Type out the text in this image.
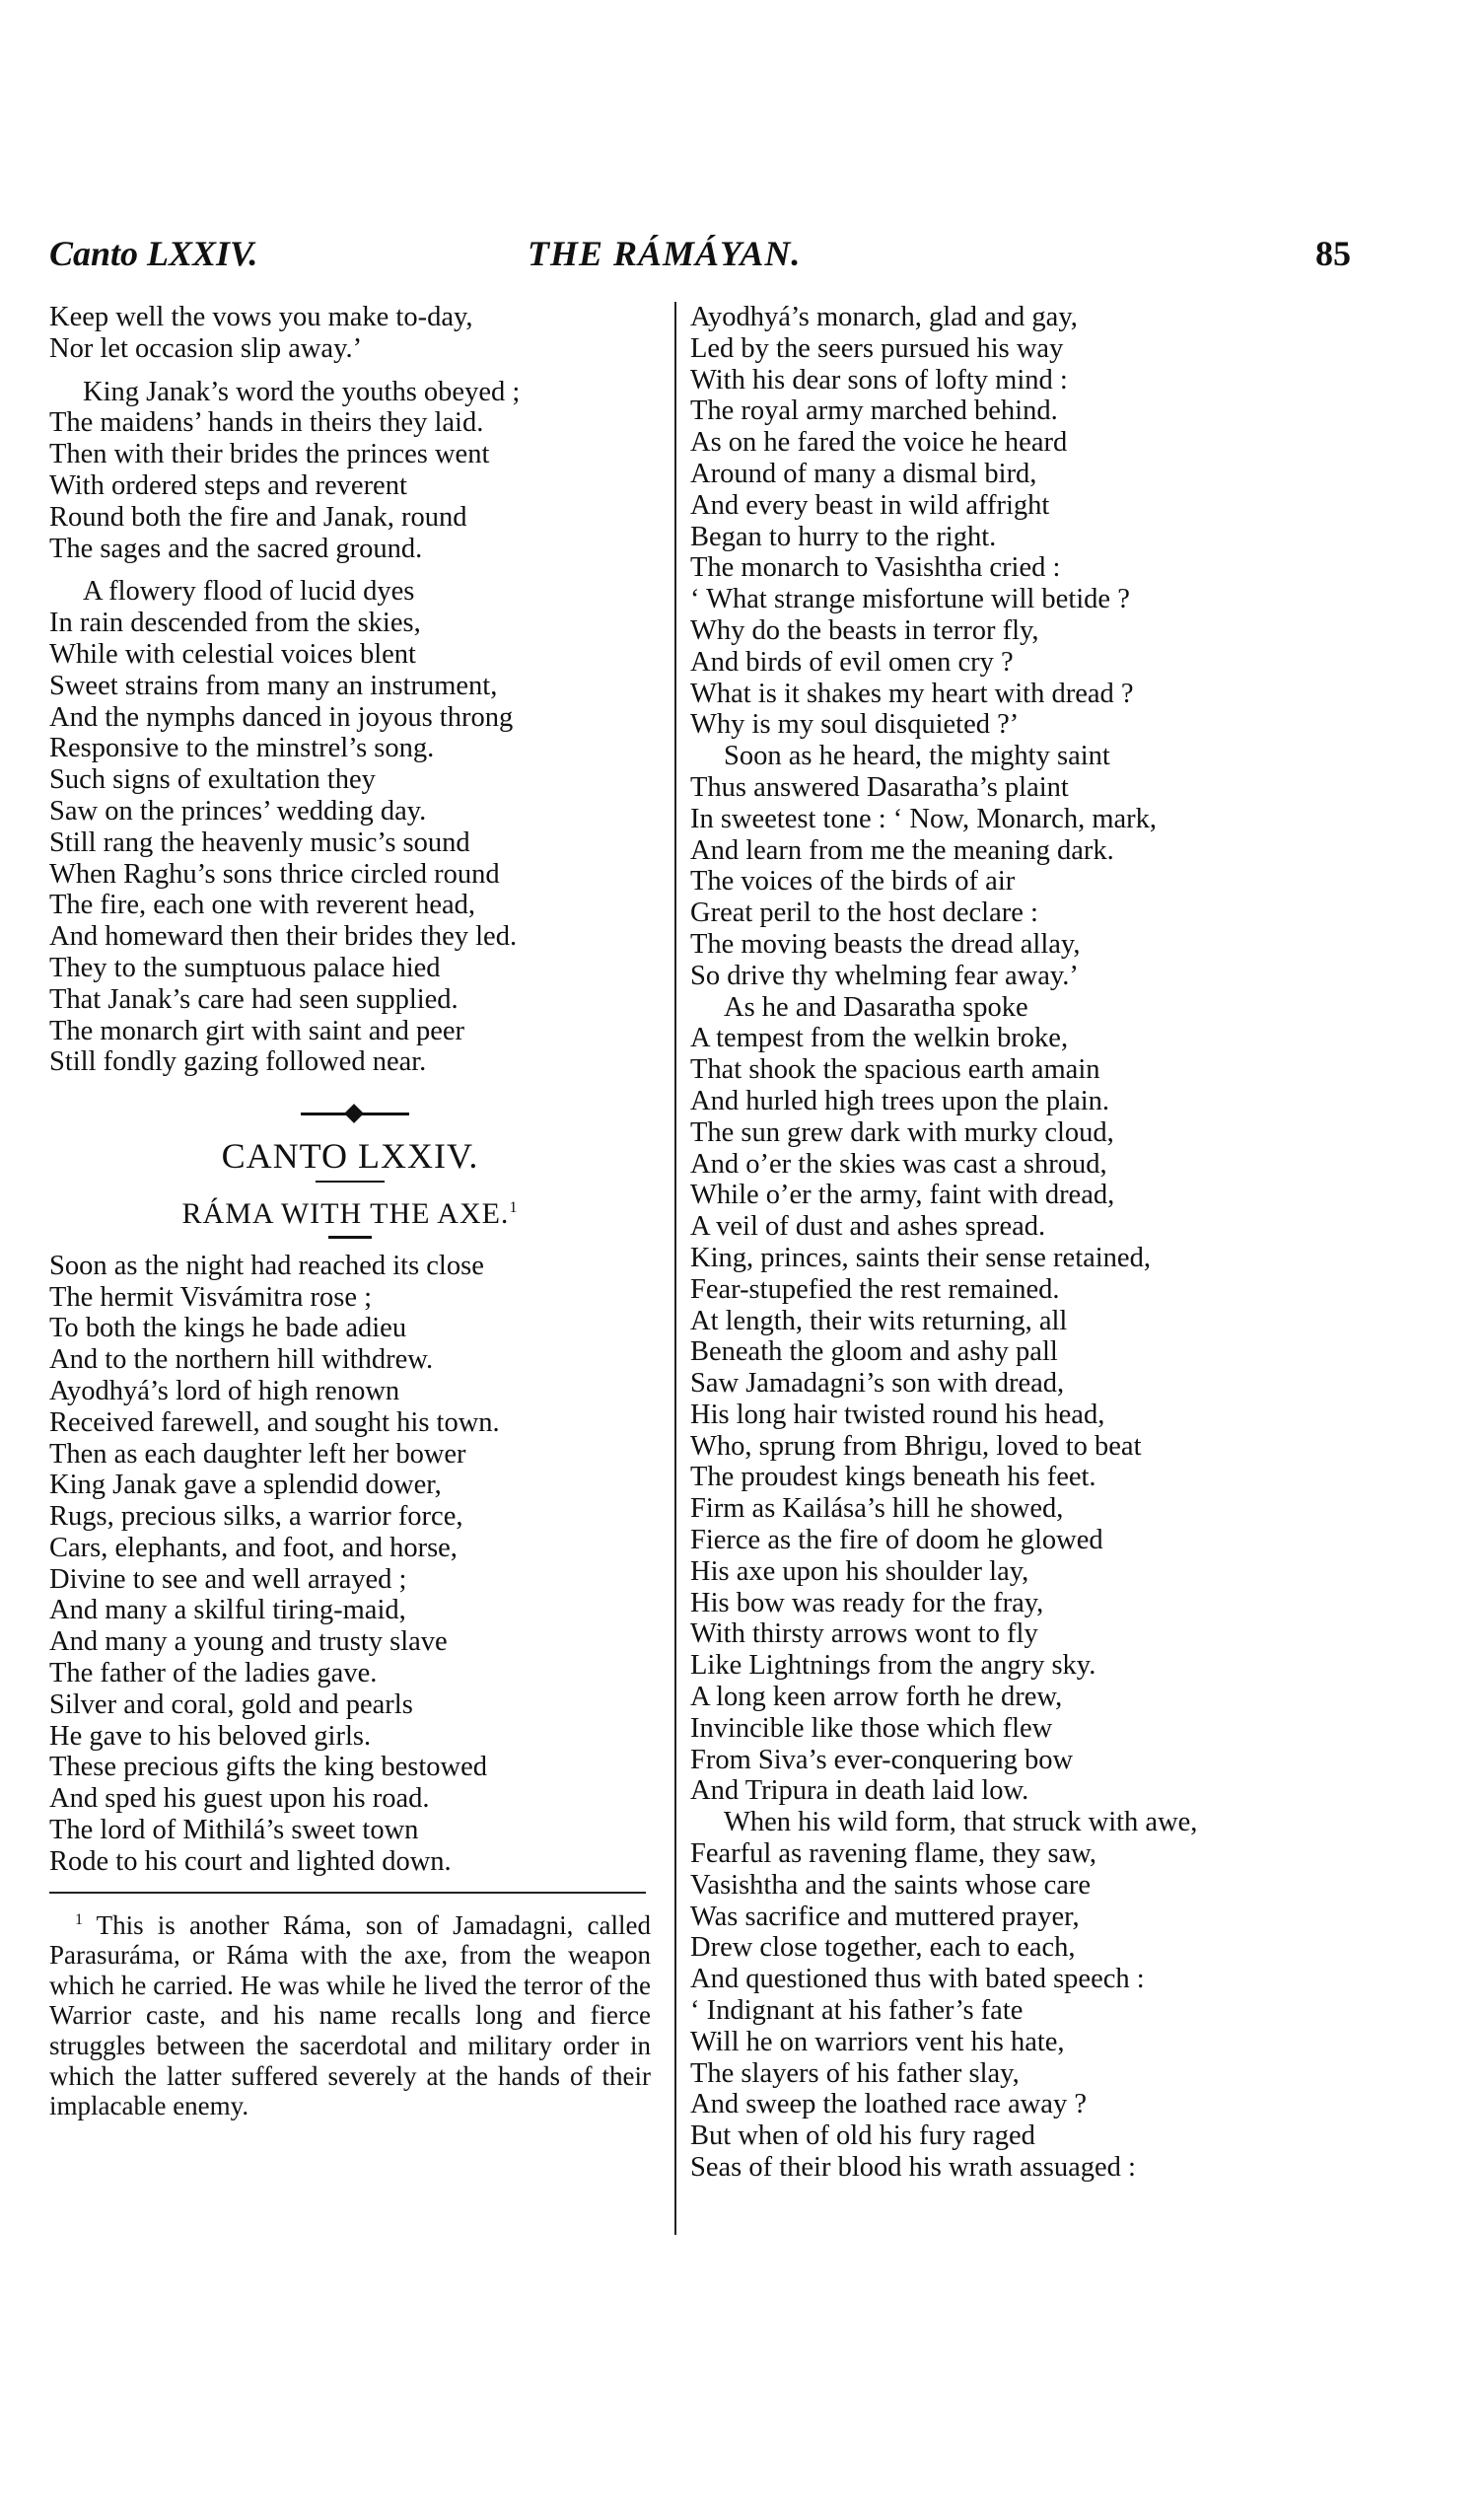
Canto LXXIV.	THE RÁMÁYAN.	85
Keep well the vows you make to-day,
Nor let occasion slip away.’
King Janak’s word the youths obeyed ;
The maidens’ hands in theirs they laid.
Then with their brides the princes went
With ordered steps and reverent
Round both the fire and Janak, round
The sages and the sacred ground.
A flowery flood of lucid dyes
In rain descended from the skies,
While with celestial voices blent
Sweet strains from many an instrument,
And the nymphs danced in joyous throng
Responsive to the minstrel’s song.
Such signs of exultation they
Saw on the princes’ wedding day.
Still rang the heavenly music’s sound
When Raghu’s sons thrice circled round
The fire, each one with reverent head,
And homeward then their brides they led.
They to the sumptuous palace hied
That Janak’s care had seen supplied.
The monarch girt with saint and peer
Still fondly gazing followed near.
CANTO LXXIV.
RÁMA WITH THE AXE.$^1$
Soon as the night had reached its close
The hermit Visvámitra rose ;
To both the kings he bade adieu
And to the northern hill withdrew.
Ayodhyá’s lord of high renown
Received farewell, and sought his town.
Then as each daughter left her bower
King Janak gave a splendid dower,
Rugs, precious silks, a warrior force,
Cars, elephants, and foot, and horse,
Divine to see and well arrayed ;
And many a skilful tiring-maid,
And many a young and trusty slave
The father of the ladies gave.
Silver and coral, gold and pearls
He gave to his beloved girls.
These precious gifts the king bestowed
And sped his guest upon his road.
The lord of Mithilá’s sweet town
Rode to his court and lighted down.
$^1$ This is another Ráma, son of Jamadagni, called Parasuráma, or Ráma with the axe, from the weapon which he carried. He was while he lived the terror of the Warrior caste, and his name recalls long and fierce struggles between the sacerdotal and military order in which the latter suffered severely at the hands of their implacable enemy.
Ayodhyá’s monarch, glad and gay,
Led by the seers pursued his way
With his dear sons of lofty mind :
The royal army marched behind.
As on he fared the voice he heard
Around of many a dismal bird,
And every beast in wild affright
Began to hurry to the right.
The monarch to Vasishtha cried :
‘ What strange misfortune will betide ?
Why do the beasts in terror fly,
And birds of evil omen cry ?
What is it shakes my heart with dread ?
Why is my soul disquieted ?’
Soon as he heard, the mighty saint
Thus answered Dasaratha’s plaint
In sweetest tone : ‘ Now, Monarch, mark,
And learn from me the meaning dark.
The voices of the birds of air
Great peril to the host declare :
The moving beasts the dread allay,
So drive thy whelming fear away.’
As he and Dasaratha spoke
A tempest from the welkin broke,
That shook the spacious earth amain
And hurled high trees upon the plain.
The sun grew dark with murky cloud,
And o’er the skies was cast a shroud,
While o’er the army, faint with dread,
A veil of dust and ashes spread.
King, princes, saints their sense retained,
Fear-stupefied the rest remained.
At length, their wits returning, all
Beneath the gloom and ashy pall
Saw Jamadagni’s son with dread,
His long hair twisted round his head,
Who, sprung from Bhrigu, loved to beat
The proudest kings beneath his feet.
Firm as Kailása’s hill he showed,
Fierce as the fire of doom he glowed
His axe upon his shoulder lay,
His bow was ready for the fray,
With thirsty arrows wont to fly
Like Lightnings from the angry sky.
A long keen arrow forth he drew,
Invincible like those which flew
From Siva’s ever-conquering bow
And Tripura in death laid low.
When his wild form, that struck with awe,
Fearful as ravening flame, they saw,
Vasishtha and the saints whose care
Was sacrifice and muttered prayer,
Drew close together, each to each,
And questioned thus with bated speech :
‘ Indignant at his father’s fate
Will he on warriors vent his hate,
The slayers of his father slay,
And sweep the loathed race away ?
But when of old his fury raged
Seas of their blood his wrath assuaged :
